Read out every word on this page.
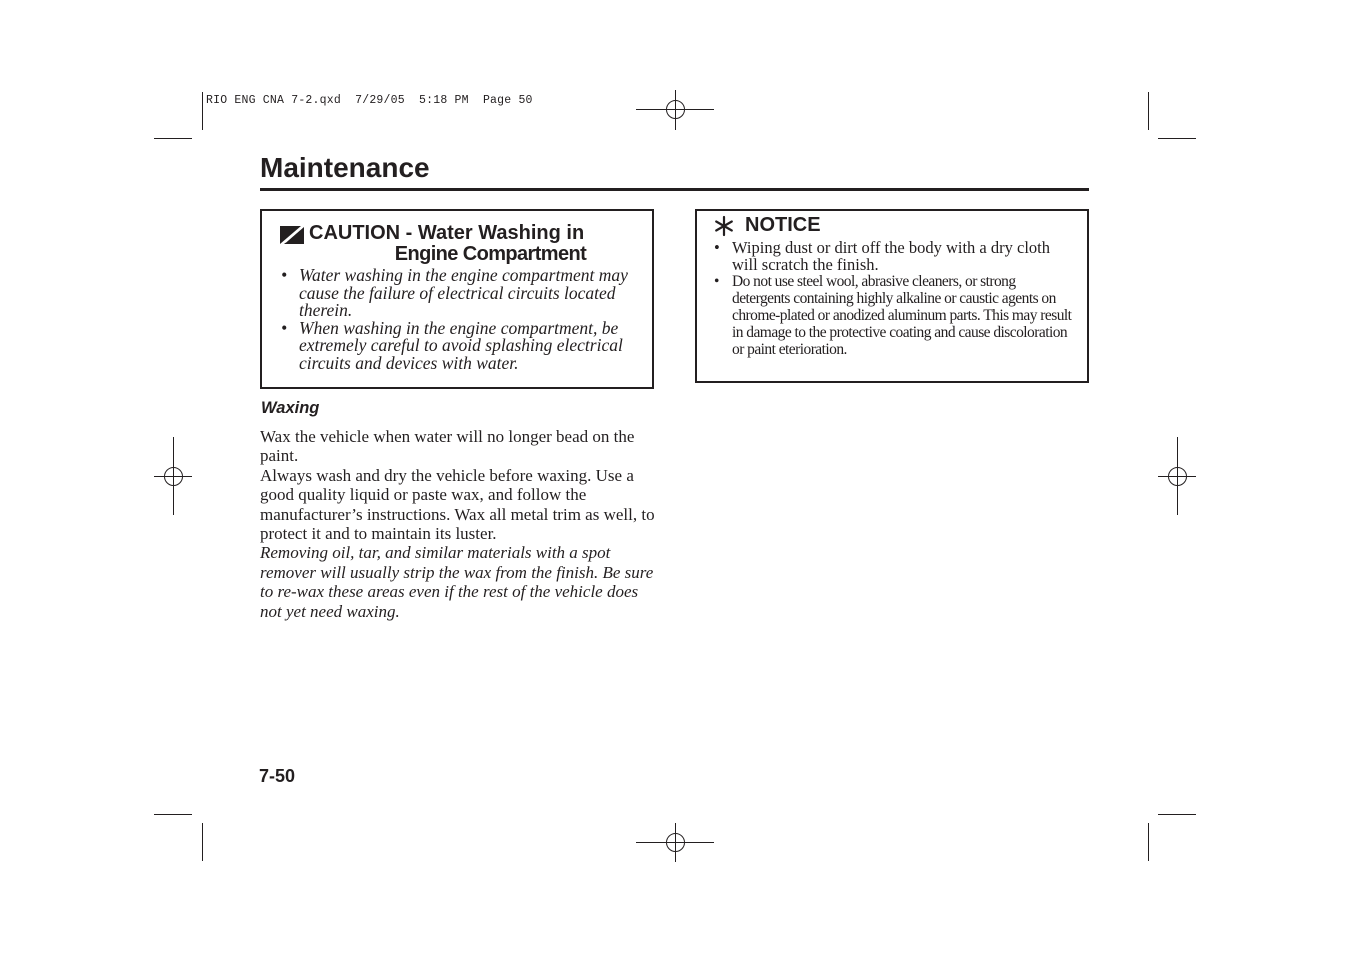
RIO ENG CNA 7-2.qxd  7/29/05  5:18 PM  Page 50
Maintenance
CAUTION - Water Washing in
Engine Compartment
• Water washing in the engine compartment may cause the failure of electrical circuits located therein.
• When washing in the engine compartment, be extremely careful to avoid splashing electrical circuits and devices with water.
NOTICE
• Wiping dust or dirt off the body with a dry cloth will scratch the finish.
• Do not use steel wool, abrasive cleaners, or strong detergents containing highly alkaline or caustic agents on chrome-plated or anodized aluminum parts. This may result in damage to the protective coating and cause discoloration or paint eterioration.
Waxing

Wax the vehicle when water will no longer bead on the paint.

Always wash and dry the vehicle before waxing. Use a good quality liquid or paste wax, and follow the manufacturer’s instructions. Wax all metal trim as well, to protect it and to maintain its luster.

Removing oil, tar, and similar materials with a spot remover will usually strip the wax from the finish. Be sure to re-wax these areas even if the rest of the vehicle does not yet need waxing.

7-50
